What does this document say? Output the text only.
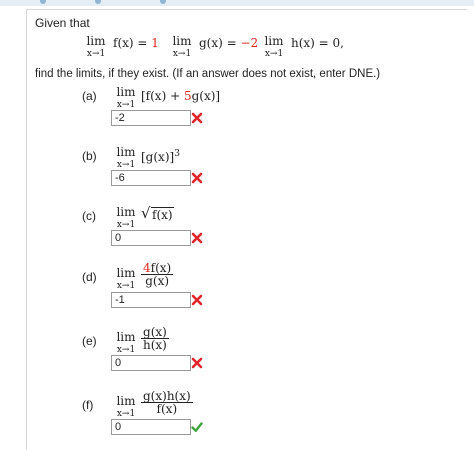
Given that
lim
x→1
f(x) = 1 lim
x→1
g(x) = −2 lim
x→1
h(x) = 0,
find the limits, if they exist. (If an answer does not exist, enter DNE.)
(a) lim
x→1
[f(x) + 5g(x)]
-2
(b) lim
x→1
$[g(x)]^3$
-6
(c) lim
x→1
√ f(x)
0
(d) lim
$x\to 1 \frac{4f(x)}{g(x)}$
-1
(e) lim
$x\to 1 \frac{g(x)}{h(x)}$
0
(f) lim
$x\to 1 \frac{g(x)h(x)}{f(x)}$
0
